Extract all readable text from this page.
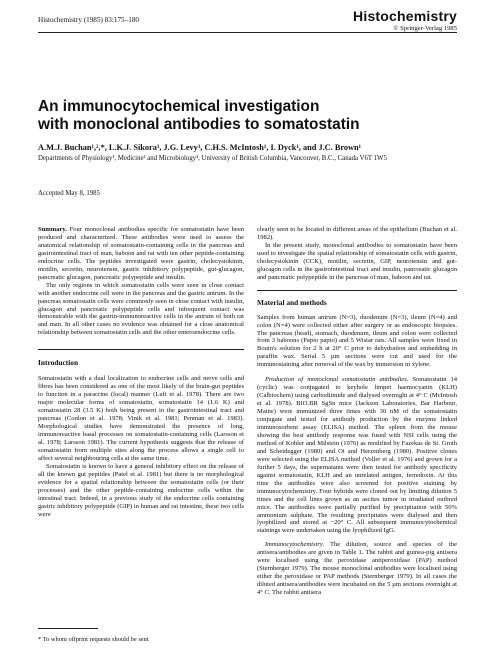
Histochemistry (1985) 83:175–180	Histochemistry
© Springer-Verlag 1985
An immunocytochemical investigation
with monoclonal antibodies to somatostatin
A.M.J. Buchan¹,²,*, L.K.J. Sikora³, J.G. Levy³, C.H.S. McIntosh¹, I. Dyck¹, and J.C. Brown¹
Departments of Physiology¹, Medicine² and Microbiology³, University of British Columbia, Vancouver, B.C., Canada V6T 1W5
Accepted May 8, 1985

Summary. Four monoclonal antibodies specific for somatostatin have been produced and characterized. These antibodies were used to assess the anatomical relationship of somatostatin-containing cells in the pancreas and gastrointestinal tract of man, baboon and rat with ten other peptide-containing endocrine cells. The peptides investigated were gastrin, cholecystokinin, motilin, secretin, neurotensin, gastric inhibitory polypeptide, gut-glucagon, pancreatic glucagon, pancreatic polypeptide and insulin.

The only regions in which somatostatin cells were seen in close contact with another endocrine cell were in the pancreas and the gastric antrum. In the pancreas somatostatin cells were commonly seen in close contact with insulin, glucagon and pancreatic polypeptide cells and infrequent contact was demonstrable with the gastrin-immunoreactive cells in the antrum of both rat and man. In all other cases no evidence was obtained for a close anatomical relationship between somatostatin cells and the other enteroendocrine cells.

Introduction

Somatostatin with a dual localization to endocrine cells and nerve cells and fibres has been considered as one of the most likely of the brain-gut peptides to function in a paracrine (local) manner (Luft et al. 1978). There are two major molecular forms of somatostatin, somatostatin 14 (1.6 K) and somatostatin 28 (3.5 K) both being present in the gastrointestinal tract and pancreas (Conlon et al. 1978; Vinik et al. 1981; Penman et al. 1983). Morphological studies have demonstrated the presence of long, immunoreactive basal processes on somatostatin-containing cells (Larsson et al. 1978; Larsson 1981). The current hypothesis suggests that the release of somatostatin from multiple sites along the process allows a single cell to affect several neighbouring cells at the same time.

Somatostatin is known to have a general inhibitory effect on the release of all the known gut peptides (Patel et al. 1981) but there is no morphological evidence for a spatial relationship between the somatostatin cells (or their processes) and the other peptide-containing endocrine cells within the intestinal tract. Indeed, in a previous study of the endocrine cells containing gastric inhibitory polypeptide (GIP) in human and rat intestine, these two cells were

* To whom offprint requests should be sent

clearly seen to be located in different areas of the epithelium (Buchan et al. 1982).

In the present study, monoclonal antibodies to somatostatin have been used to investigate the spatial relationship of somatostatin cells with gastrin, cholecystokinin (CCK), motilin, secretin, GIP, neurotensin and gut-glucagon cells in the gastrointestinal tract and insulin, pancreatic glucagon and pancreatic polypeptide in the pancreas of man, baboon and rat.

Material and methods

Samples from human antrum (N=3), duodenum (N=3), ileum (N=4) and colon (N=4) were collected either after surgery or as endoscopic biopsies. The pancreas (head), stomach, duodenum, ileum and colon were collected from 3 baboons (Papio papio) and 5 Wistar rats. All samples were fixed in Bouin's solution for 2 h at 20° C prior to dehydration and embedding in paraffin wax. Serial 5 µm sections were cut and used for the immunostaining after removal of the wax by immersion in xylene.

Production of monoclonal somatostatin antibodies. Somatostatin 14 (cyclic) was conjugated to keyhole limpet haemocyanin (KLH) (Calbiochem) using carbodiimide and dialysed overnight at 4° C (McIntosh et al. 1978). BIO.BR SgSn mice (Jackson Laboratories, Bar Harbour, Maine) were immunized three times with 30 nM of the somatostatin conjugate and tested for antibody production by the enzyme linked immunosorbent assay (ELISA) method. The spleen from the mouse showing the best antibody response was fused with NSI cells using the method of Kohler and Milstein (1976) as modified by Fazekas de St. Groth and Scheidegger (1980) and Oi and Herzenberg (1980). Positive clones were selected using the ELISA method (Voller et al. 1976) and grown for a further 5 days, the supernatants were then tested for antibody specificity against somatostatin, KLH and an unrelated antigen, ferredoxin. At this time the antibodies were also screened for positive staining by immunocytochemistry. Four hybrids were cloned out by limiting dilution 5 times and the cell lines grown as an ascites tumor in irradiated outbred mice. The antibodies were partially purified by precipitation with 50% ammonium sulphate. The resulting precipitates were dialysed and then lyophilized and stored at −20° C. All subsequent immunocytochemical stainings were undertaken using the lyophilized IgG.

Immunocytochemistry. The dilution, source and species of the antisera/antibodies are given in Table 1. The rabbit and guinea-pig antisera were localised using the peroxidase antiperoxidase (PAP) method (Sternberger 1979). The mouse monoclonal antibodies were localised using either the peroxidase or PAP methods (Sternberger 1979). In all cases the diluted antisera/antibodies were incubated on the 5 µm sections overnight at 4° C. The rabbit antisera
